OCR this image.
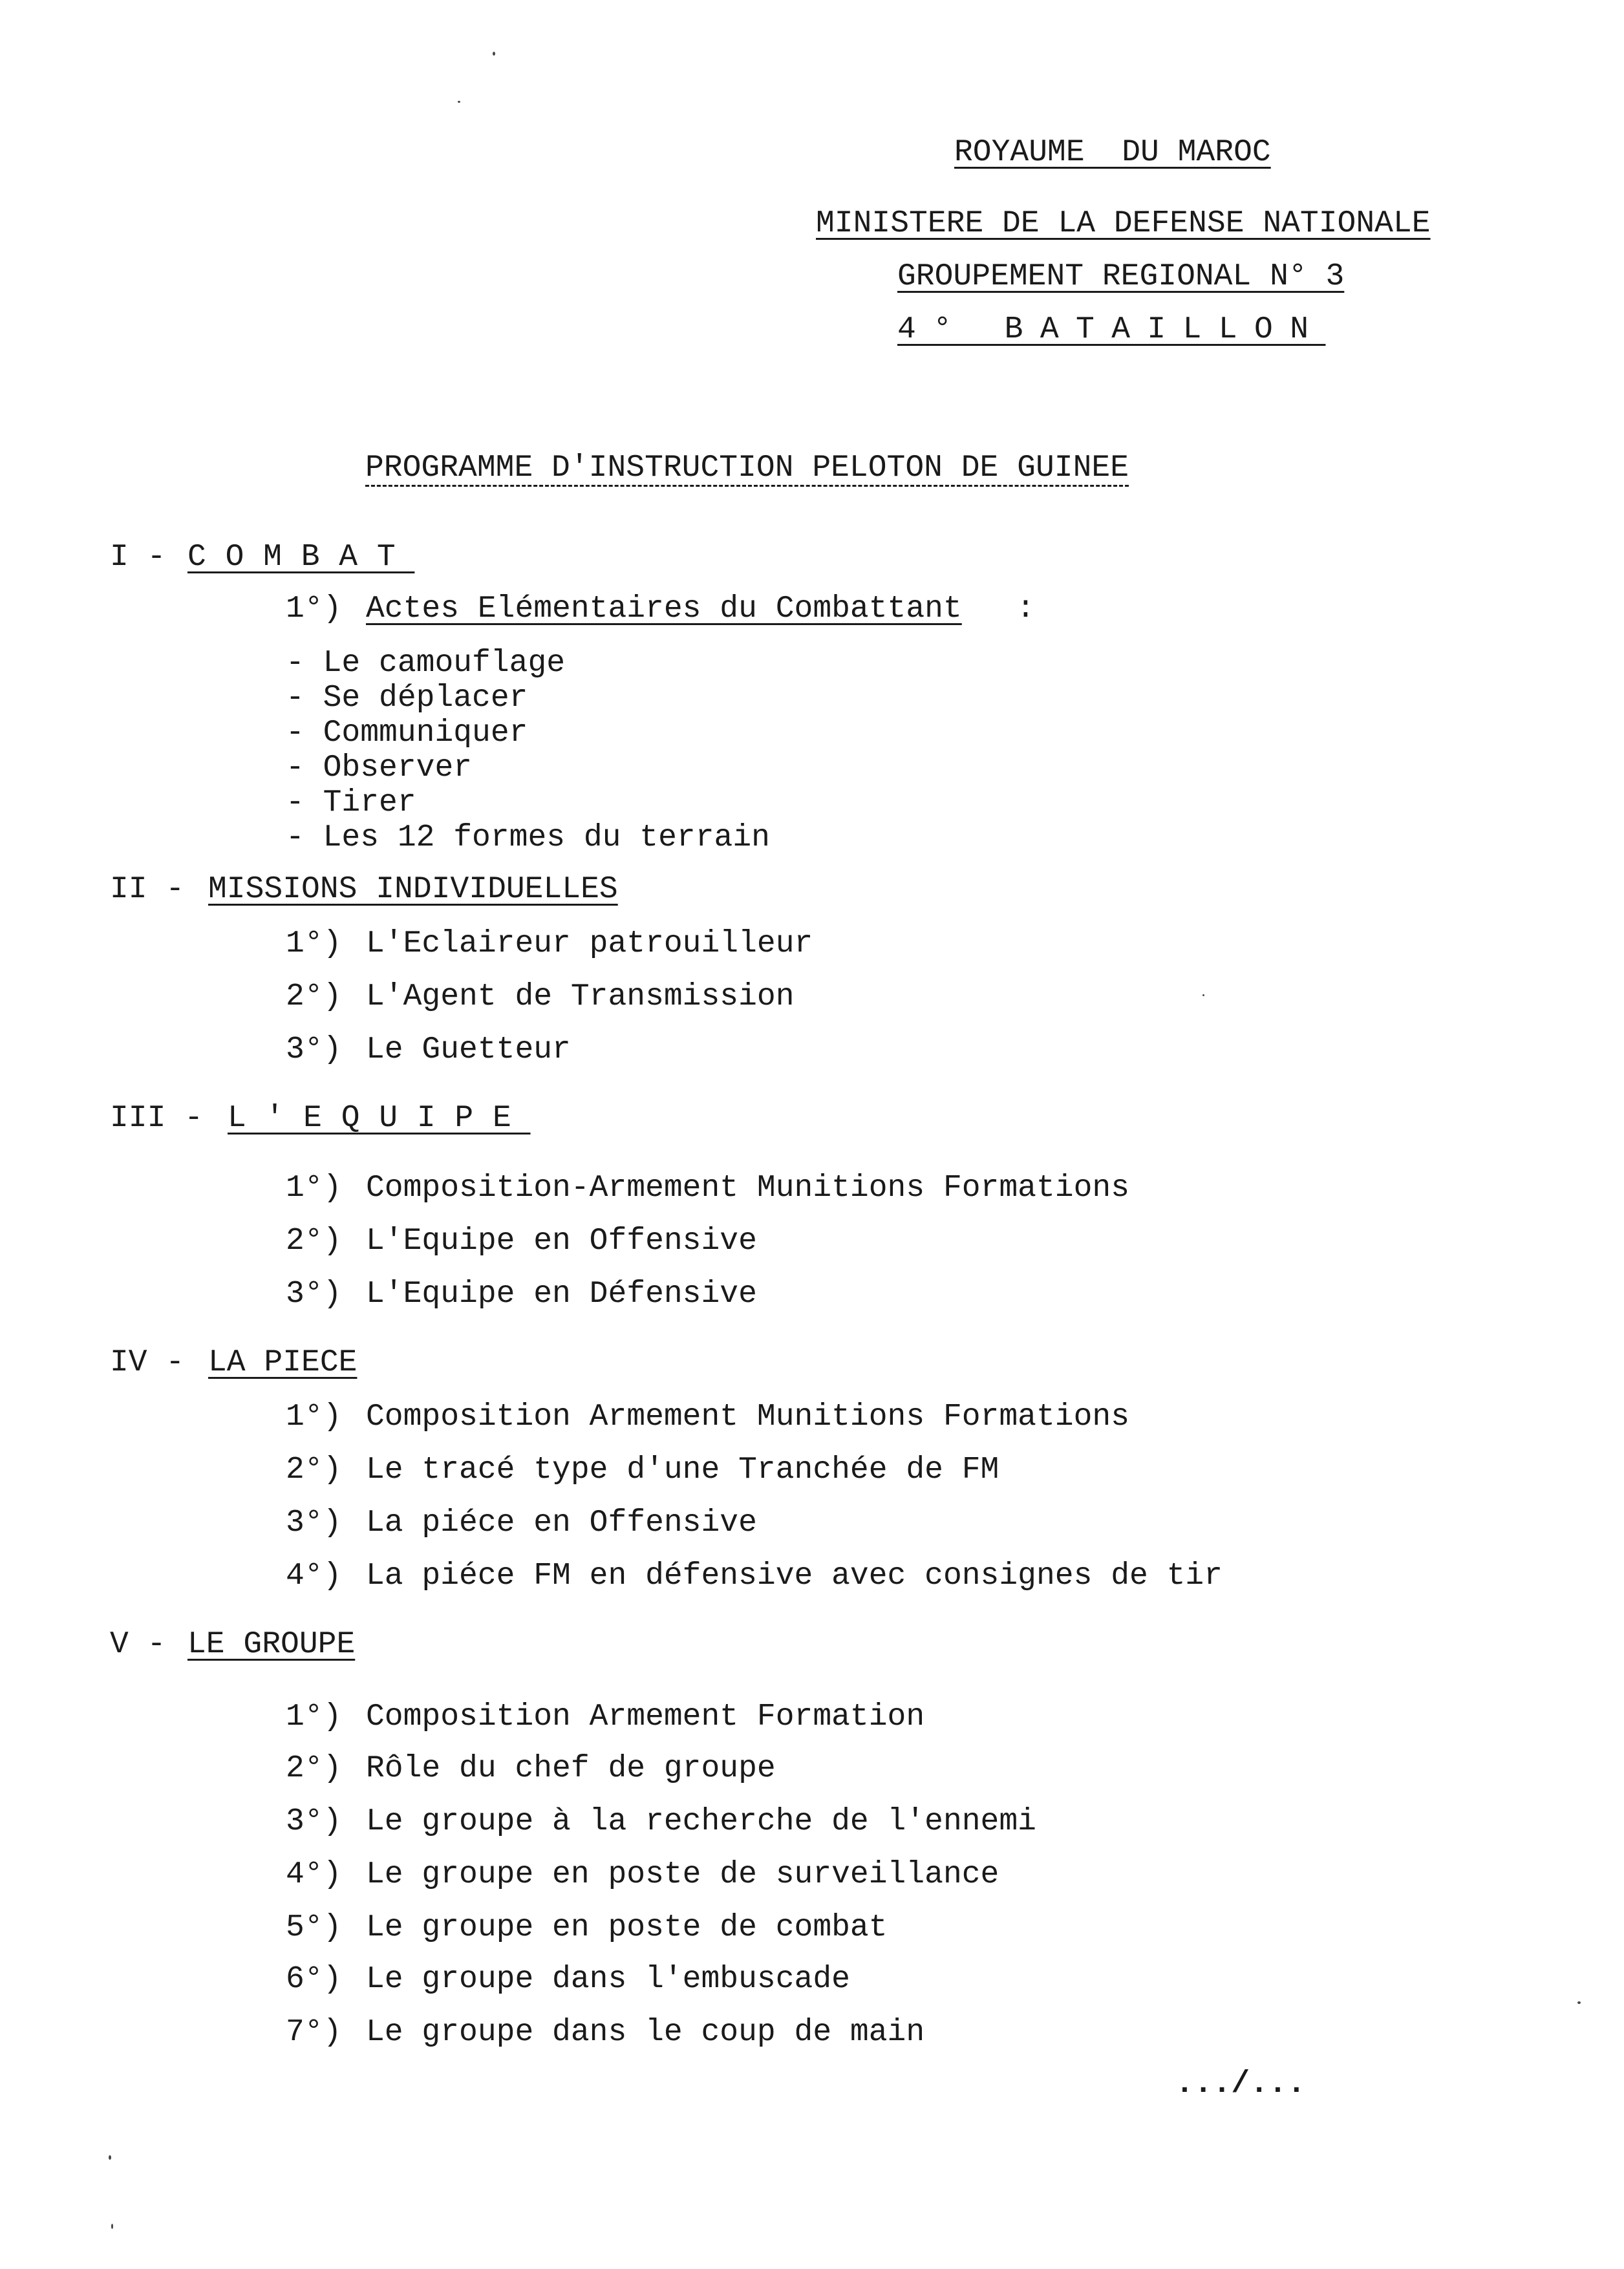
ROYAUME  DU MAROC
MINISTERE DE LA DEFENSE NATIONALE
GROUPEMENT REGIONAL N° 3
4° BATAILLON
PROGRAMME D'INSTRUCTION PELOTON DE GUINEE
I - COMBAT
1°) Actes Elémentaires du Combattant :
- Le camouflage
- Se déplacer
- Communiquer
- Observer
- Tirer
- Les 12 formes du terrain
II - MISSIONS INDIVIDUELLES
1°) L'Eclaireur patrouilleur
2°) L'Agent de Transmission
3°) Le Guetteur
III - L'EQUIPE
1°) Composition-Armement Munitions Formations
2°) L'Equipe en Offensive
3°) L'Equipe en Défensive
IV - LA PIECE
1°) Composition Armement Munitions Formations
2°) Le tracé type d'une Tranchée de FM
3°) La piéce en Offensive
4°) La piéce FM en défensive avec consignes de tir
V - LE GROUPE
1°) Composition Armement Formation
2°) Rôle du chef de groupe
3°) Le groupe à la recherche de l'ennemi
4°) Le groupe en poste de surveillance
5°) Le groupe en poste de combat
6°) Le groupe dans l'embuscade
7°) Le groupe dans le coup de main
.../...
